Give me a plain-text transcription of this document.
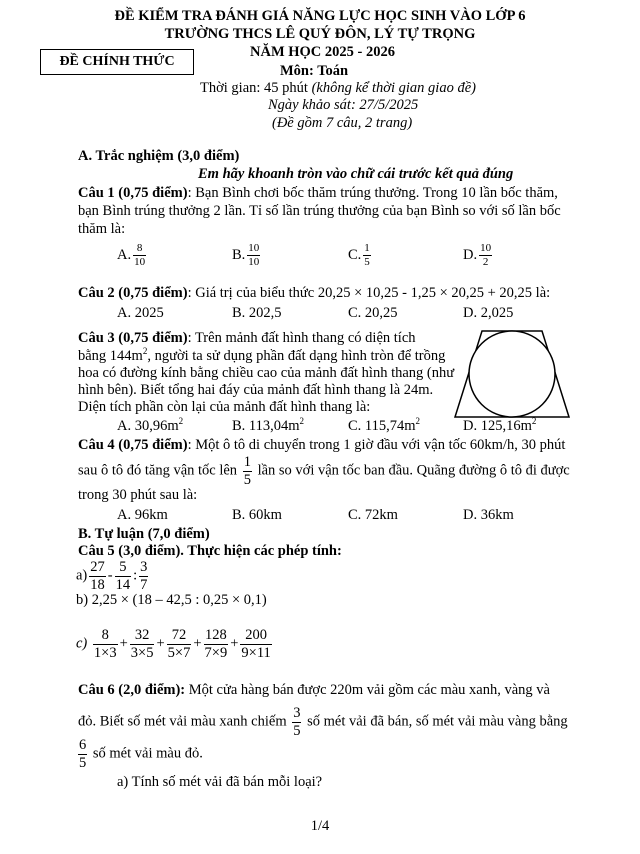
ĐỀ KIỂM TRA ĐÁNH GIÁ NĂNG LỰC HỌC SINH VÀO LỚP 6
TRƯỜNG THCS LÊ QUÝ ĐÔN, LÝ TỰ TRỌNG
NĂM HỌC 2025 - 2026
ĐỀ CHÍNH THỨC
Môn: Toán
Thời gian: 45 phút (không kể thời gian giao đề)
Ngày khảo sát: 27/5/2025
(Đề gồm 7 câu, 2 trang)
A. Trắc nghiệm (3,0 điểm)
Em hãy khoanh tròn vào chữ cái trước kết quả đúng
Câu 1 (0,75 điểm): Bạn Bình chơi bốc thăm trúng thưởng. Trong 10 lần bốc thăm,
bạn Bình trúng thưởng 2 lần. Tỉ số lần trúng thưởng của bạn Bình so với số lần bốc
thăm là:
A. $\frac{8}{10}$	B. $\frac{10}{10}$	C. $\frac{1}{5}$	D. $\frac{10}{2}$
Câu 2 (0,75 điểm): Giá trị của biểu thức 20,25 × 10,25 - 1,25 × 20,25 + 20,25 là:
A. 2025	B. 202,5	C. 20,25	D. 2,025
Câu 3 (0,75 điểm): Trên mảnh đất hình thang có diện tích
bằng $144m^2$, người ta sử dụng phần đất dạng hình tròn để trồng
hoa có đường kính bằng chiều cao của mảnh đất hình thang (như
hình bên). Biết tổng hai đáy của mảnh đất hình thang là 24m.
Diện tích phần còn lại của mảnh đất hình thang là:
A. $30,96m^2$	B. $113,04m^2$	C. $115,74m^2$	D. $125,16m^2$
Câu 4 (0,75 điểm): Một ô tô di chuyển trong 1 giờ đầu với vận tốc 60km/h, 30 phút
sau ô tô đó tăng vận tốc lên $\frac{1}{5}$ lần so với vận tốc ban đầu. Quãng đường ô tô đi được
trong 30 phút sau là:
A. 96km	B. 60km	C. 72km	D. 36km
B. Tự luận (7,0 điểm)
Câu 5 (3,0 điểm). Thực hiện các phép tính:
$a) \frac{27}{18} - \frac{5}{14}$ : $\frac{3}{7}$
b) 2,25 × (18 – 42,5 : 0,25 × 0,1)
$c) \frac{8}{1\times 3} + \frac{32}{3\times 5} + \frac{72}{5\times 7} + \frac{128}{7\times 9} + \frac{200}{9\times 11}$
Câu 6 (2,0 điểm): Một cửa hàng bán được 220m vải gồm các màu xanh, vàng và
đỏ. Biết số mét vải màu xanh chiếm $\frac{3}{5}$ số mét vải đã bán, số mét vải màu vàng bằng
$\frac{6}{5}$ số mét vải màu đỏ.
a) Tính số mét vải đã bán mỗi loại?
1/4
